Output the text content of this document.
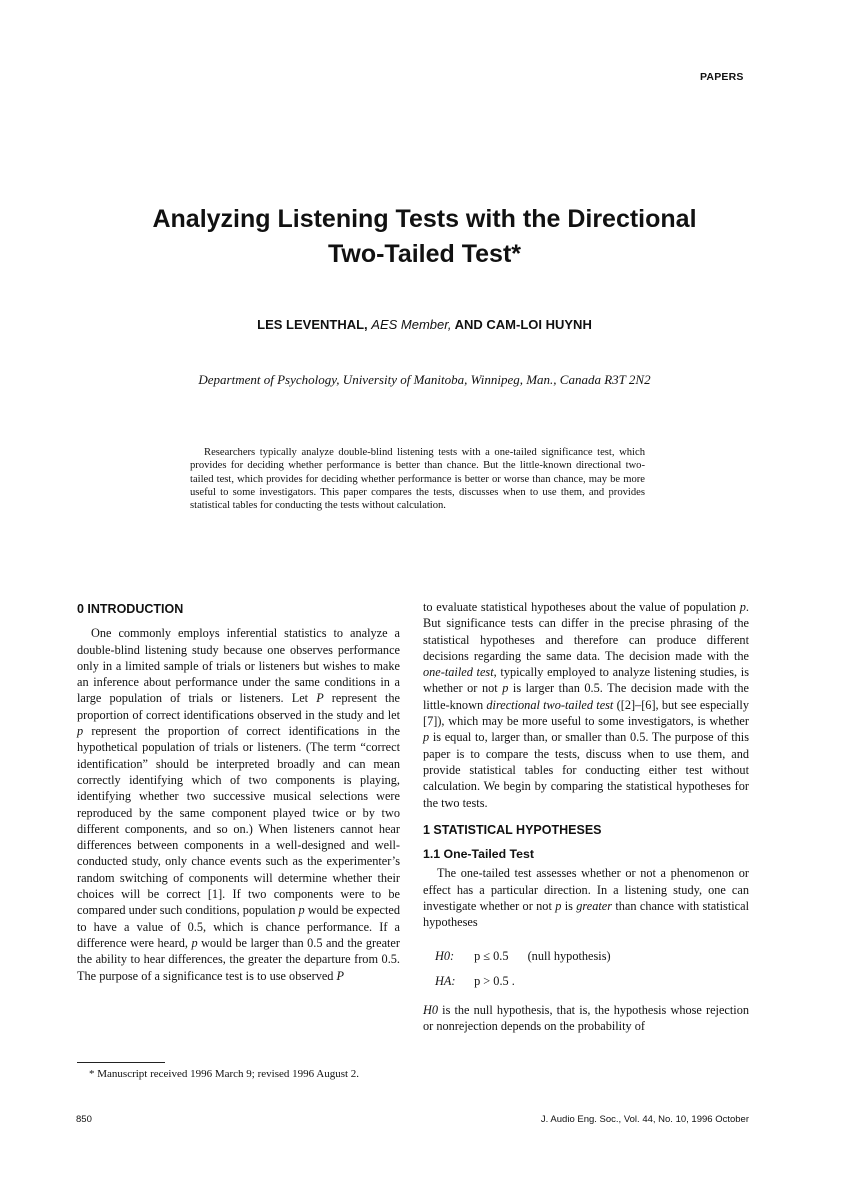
PAPERS
Analyzing Listening Tests with the Directional
Two-Tailed Test*
LES LEVENTHAL, AES Member, AND CAM-LOI HUYNH
Department of Psychology, University of Manitoba, Winnipeg, Man., Canada R3T 2N2
Researchers typically analyze double-blind listening tests with a one-tailed significance test, which provides for deciding whether performance is better than chance. But the little-known directional two-tailed test, which provides for deciding whether performance is better or worse than chance, may be more useful to some investigators. This paper compares the tests, discusses when to use them, and provides statistical tables for conducting the tests without calculation.
0 INTRODUCTION

One commonly employs inferential statistics to analyze a double-blind listening study because one observes performance only in a limited sample of trials or listeners but wishes to make an inference about performance under the same conditions in a large population of trials or listeners. Let P represent the proportion of correct identifications observed in the study and let p represent the proportion of correct identifications in the hypothetical population of trials or listeners. (The term “correct identification” should be interpreted broadly and can mean correctly identifying which of two components is playing, identifying whether two successive musical selections were reproduced by the same component played twice or by two different components, and so on.) When listeners cannot hear differences between components in a well-designed and well-conducted study, only chance events such as the experimenter’s random switching of components will determine whether their choices will be correct [1]. If two components were to be compared under such conditions, population p would be expected to have a value of 0.5, which is chance performance. If a difference were heard, p would be larger than 0.5 and the greater the ability to hear differences, the greater the departure from 0.5. The purpose of a significance test is to use observed P

to evaluate statistical hypotheses about the value of population p. But significance tests can differ in the precise phrasing of the statistical hypotheses and therefore can produce different decisions regarding the same data. The decision made with the one-tailed test, typically employed to analyze listening studies, is whether or not p is larger than 0.5. The decision made with the little-known directional two-tailed test ([2]–[6], but see especially [7]), which may be more useful to some investigators, is whether p is equal to, larger than, or smaller than 0.5. The purpose of this paper is to compare the tests, discuss when to use them, and provide statistical tables for conducting either test without calculation. We begin by comparing the statistical hypotheses for the two tests.

1 STATISTICAL HYPOTHESES
1.1 One-Tailed Test

The one-tailed test assesses whether or not a phenomenon or effect has a particular direction. In a listening study, one can investigate whether or not p is greater than chance with statistical hypotheses

H0: p ≤ 0.5 (null hypothesis)
HA: p > 0.5 .

H0 is the null hypothesis, that is, the hypothesis whose rejection or nonrejection depends on the probability of

* Manuscript received 1996 March 9; revised 1996 August 2.
850	J. Audio Eng. Soc., Vol. 44, No. 10, 1996 October
